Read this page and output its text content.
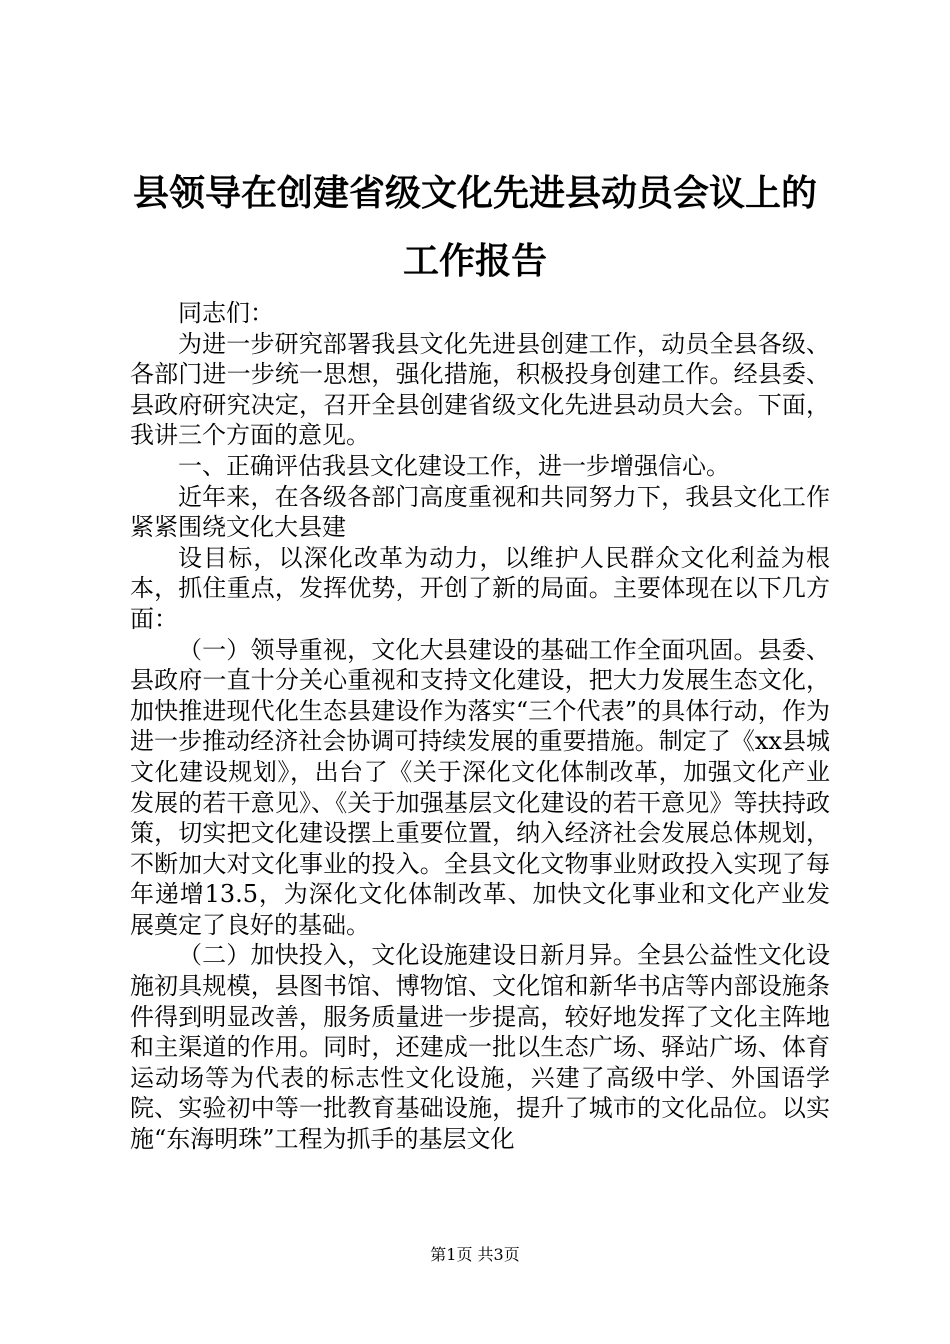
县领导在创建省级文化先进县动员会议上的工作报告

同志们：

为进一步研究部署我县文化先进县创建工作，动员全县各级、各部门进一步统一思想，强化措施，积极投身创建工作。经县委、县政府研究决定，召开全县创建省级文化先进县动员大会。下面，我讲三个方面的意见。

一、正确评估我县文化建设工作，进一步增强信心。

近年来，在各级各部门高度重视和共同努力下，我县文化工作紧紧围绕文化大县建

设目标，以深化改革为动力，以维护人民群众文化利益为根本，抓住重点，发挥优势，开创了新的局面。主要体现在以下几方面：

（一）领导重视，文化大县建设的基础工作全面巩固。县委、县政府一直十分关心重视和支持文化建设，把大力发展生态文化，加快推进现代化生态县建设作为落实“三个代表”的具体行动，作为进一步推动经济社会协调可持续发展的重要措施。制定了《xx县城文化建设规划》，出台了《关于深化文化体制改革，加强文化产业发展的若干意见》、《关于加强基层文化建设的若干意见》等扶持政策，切实把文化建设摆上重要位置，纳入经济社会发展总体规划，不断加大对文化事业的投入。全县文化文物事业财政投入实现了每年递增13.5，为深化文化体制改革、加快文化事业和文化产业发展奠定了良好的基础。

（二）加快投入，文化设施建设日新月异。全县公益性文化设施初具规模，县图书馆、博物馆、文化馆和新华书店等内部设施条件得到明显改善，服务质量进一步提高，较好地发挥了文化主阵地和主渠道的作用。同时，还建成一批以生态广场、驿站广场、体育运动场等为代表的标志性文化设施，兴建了高级中学、外国语学院、实验初中等一批教育基础设施，提升了城市的文化品位。以实施“东海明珠”工程为抓手的基层文化

第1页 共3页
